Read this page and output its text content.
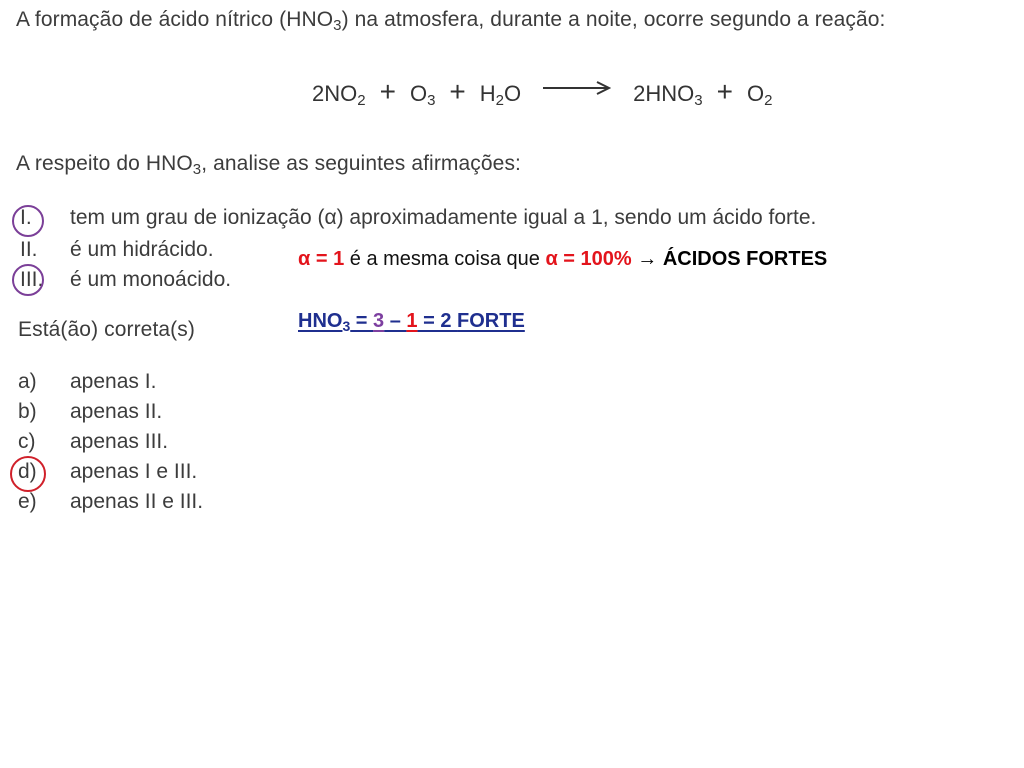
A formação de ácido nítrico $(HNO_3)$ na atmosfera, durante a noite, ocorre segundo a reação:
$2NO_2 + O_3 + H_2O \to 2HNO_3 + O_2$
A respeito do $HNO_3$, analise as seguintes afirmações:
I. tem um grau de ionização (α) aproximadamente igual a 1, sendo um ácido forte.
II. é um hidrácido.
III. é um monoácido.
Está(ão) correta(s)
a) apenas I.
b) apenas II.
c) apenas III.
d) apenas I e III.
e) apenas II e III.
α = 1 é a mesma coisa que α = 100% → ÁCIDOS FORTES
$HNO_3 = 3 - 1 = 2$ FORTE
